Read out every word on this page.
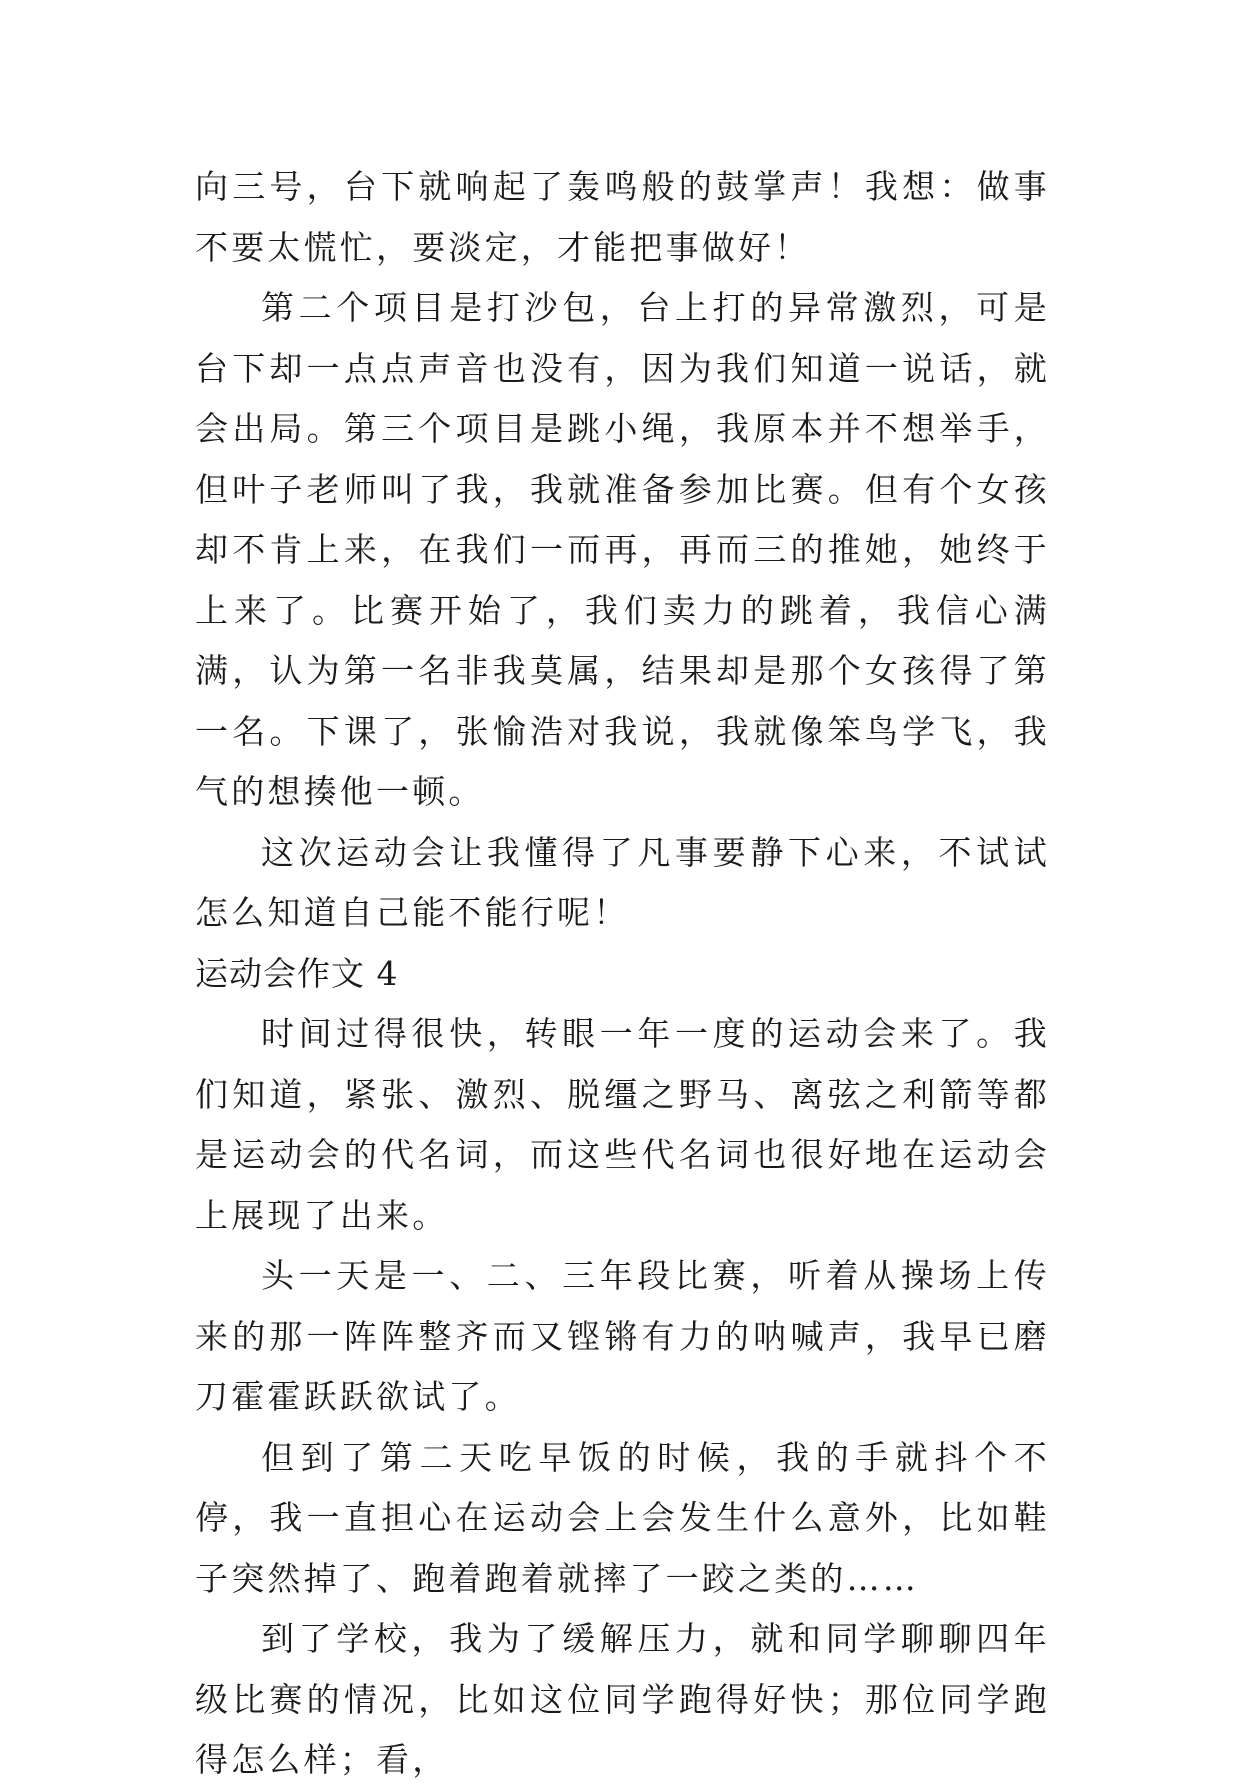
向三号，台下就响起了轰鸣般的鼓掌声！我想：做事不要太慌忙，要淡定，才能把事做好！

第二个项目是打沙包，台上打的异常激烈，可是台下却一点点声音也没有，因为我们知道一说话，就会出局。第三个项目是跳小绳，我原本并不想举手，但叶子老师叫了我，我就准备参加比赛。但有个女孩却不肯上来，在我们一而再，再而三的推她，她终于上来了。比赛开始了，我们卖力的跳着，我信心满满，认为第一名非我莫属，结果却是那个女孩得了第一名。下课了，张愉浩对我说，我就像笨鸟学飞，我气的想揍他一顿。

这次运动会让我懂得了凡事要静下心来，不试试怎么知道自己能不能行呢！

运动会作文 4

时间过得很快，转眼一年一度的运动会来了。我们知道，紧张、激烈、脱缰之野马、离弦之利箭等都是运动会的代名词，而这些代名词也很好地在运动会上展现了出来。

头一天是一、二、三年段比赛，听着从操场上传来的那一阵阵整齐而又铿锵有力的呐喊声，我早已磨刀霍霍跃跃欲试了。

但到了第二天吃早饭的时候，我的手就抖个不停，我一直担心在运动会上会发生什么意外，比如鞋子突然掉了、跑着跑着就摔了一跤之类的……

到了学校，我为了缓解压力，就和同学聊聊四年级比赛的情况，比如这位同学跑得好快；那位同学跑得怎么样；看，
